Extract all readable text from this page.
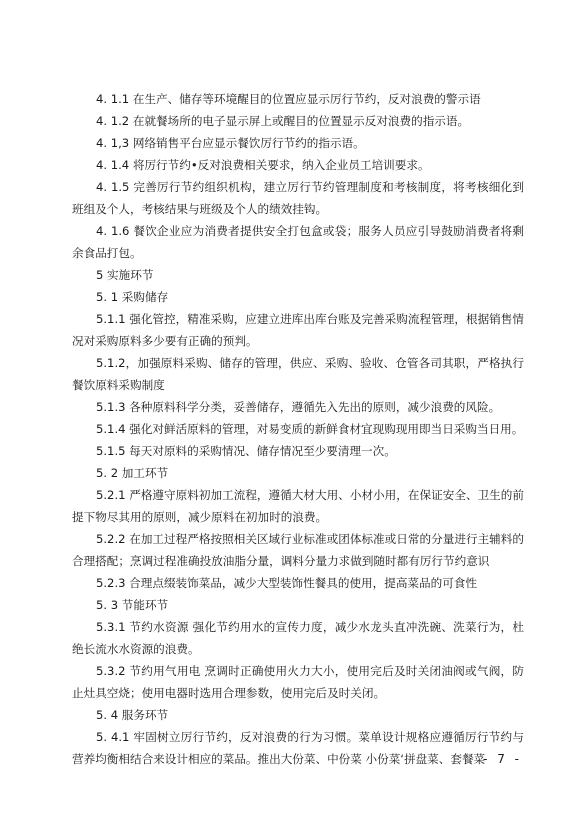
4. 1.1 在生产、储存等环境醒目的位置应显示厉行节约，反对浪费的警示语

4. 1.2 在就餐场所的电子显示屏上或醒目的位置显示反对浪费的指示语。

4. 1,3 网络销售平台应显示餐饮厉行节约的指示语。

4. 1.4 将厉行节约•反对浪费相关要求，纳入企业员工培训要求。

4. 1.5 完善厉行节约组织机构，建立厉行节约管理制度和考核制度，将考核细化到班组及个人，考核结果与班级及个人的绩效挂钩。

4. 1.6 餐饮企业应为消费者提供安全打包盒或袋；服务人员应引导鼓励消费者将剩余食品打包。

5 实施环节

5. 1 采购储存

5.1.1 强化管控，精准采购，应建立进库出库台账及完善采购流程管理，根据销售情况对采购原料多少要有正确的预判。

5.1.2，加强原料采购、储存的管理，供应、采购、验收、仓管各司其职，严格执行餐饮原料采购制度

5.1.3 各种原料科学分类，妥善储存，遵循先入先出的原则，减少浪费的风险。

5.1.4 强化对鲜活原料的管理，对易变质的新鲜食材宜现购现用即当日采购当日用。

5.1.5 每天对原料的采购情况、储存情况至少要清理一次。

5. 2 加工环节

5.2.1 严格遵守原料初加工流程，遵循大材大用、小材小用，在保证安全、卫生的前提下物尽其用的原则，减少原料在初加时的浪费。

5.2.2 在加工过程严格按照相关区域行业标准或团体标准或日常的分量进行主辅料的合理搭配；烹调过程准确投放油脂分量，调料分量力求做到随时都有厉行节约意识

5.2.3 合理点缀装饰菜品，减少大型装饰性餐具的使用，提高菜品的可食性

5. 3 节能环节

5.3.1 节约水资源 强化节约用水的宣传力度，减少水龙头直冲洗碗、洗菜行为，杜绝长流水水资源的浪费。

5.3.2 节约用气用电 烹调时正确使用火力大小，使用完后及时关闭油阀或气阀，防止灶具空烧；使用电器时选用合理参数，使用完后及时关闭。

5. 4 服务环节

5. 4.1 牢固树立厉行节约，反对浪费的行为习惯。菜单设计规格应遵循厉行节约与营养均衡相结合来设计相应的菜品。推出大份菜、中份菜 小份菜‘拼盘菜、套餐菜

- 7 -
